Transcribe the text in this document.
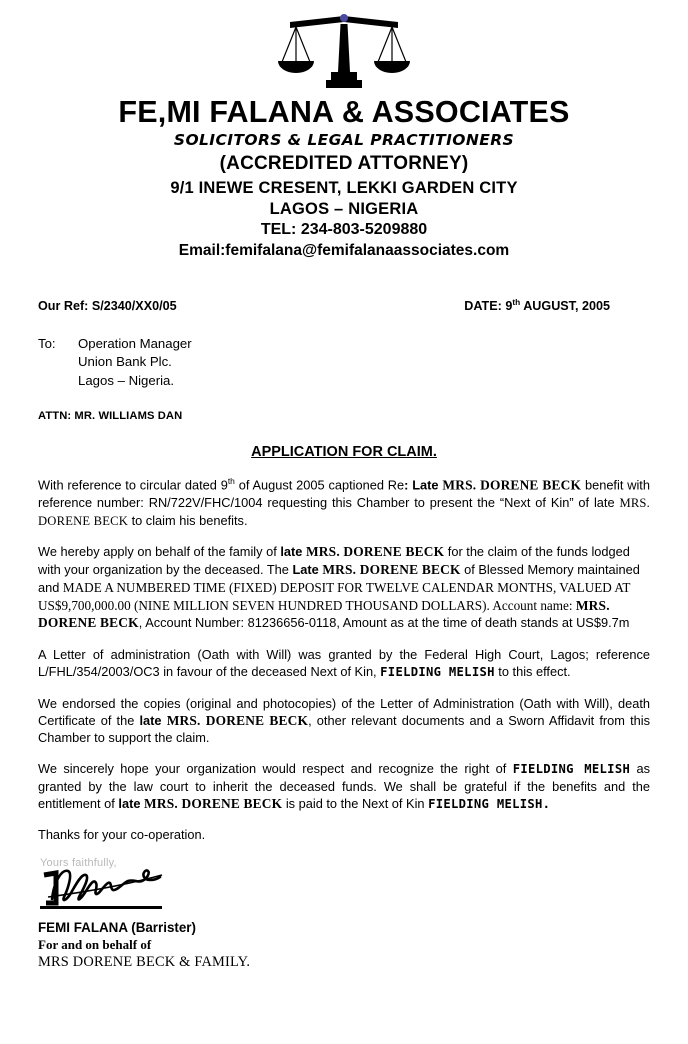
FE,MI FALANA & ASSOCIATES
SOLICITORS & LEGAL PRACTITIONERS
(ACCREDITED ATTORNEY)
9/1 INEWE CRESENT, LEKKI GARDEN CITY
LAGOS – NIGERIA
TEL: 234-803-5209880
Email:femifalana@femifalanaassociates.com
Our Ref: S/2340/XX0/05	DATE: 9th AUGUST, 2005
To:	Operation Manager
Union Bank Plc.
Lagos – Nigeria.
ATTN: MR. WILLIAMS DAN
APPLICATION FOR CLAIM.

With reference to circular dated 9th of August 2005 captioned Re: Late MRS. DORENE BECK benefit with reference number: RN/722V/FHC/1004 requesting this Chamber to present the “Next of Kin” of late MRS. DORENE BECK to claim his benefits.

We hereby apply on behalf of the family of late MRS. DORENE BECK for the claim of the funds lodged with your organization by the deceased. The Late MRS. DORENE BECK of Blessed Memory maintained and MADE A NUMBERED TIME (FIXED) DEPOSIT FOR TWELVE CALENDAR MONTHS, VALUED AT US$9,700,000.00 (NINE MILLION SEVEN HUNDRED THOUSAND DOLLARS). Account name: MRS. DORENE BECK, Account Number: 81236656-0118, Amount as at the time of death stands at US$9.7m

A Letter of administration (Oath with Will) was granted by the Federal High Court, Lagos; reference L/FHL/354/2003/OC3 in favour of the deceased Next of Kin, FIELDING MELISH to this effect.

We endorsed the copies (original and photocopies) of the Letter of Administration (Oath with Will), death Certificate of the late MRS. DORENE BECK, other relevant documents and a Sworn Affidavit from this Chamber to support the claim.

We sincerely hope your organization would respect and recognize the right of FIELDING MELISH as granted by the law court to inherit the deceased funds. We shall be grateful if the benefits and the entitlement of late MRS. DORENE BECK is paid to the Next of Kin FIELDING MELISH.

Thanks for your co-operation.
Yours faithfully,
FEMI FALANA (Barrister)
For and on behalf of
MRS DORENE BECK & FAMILY.
